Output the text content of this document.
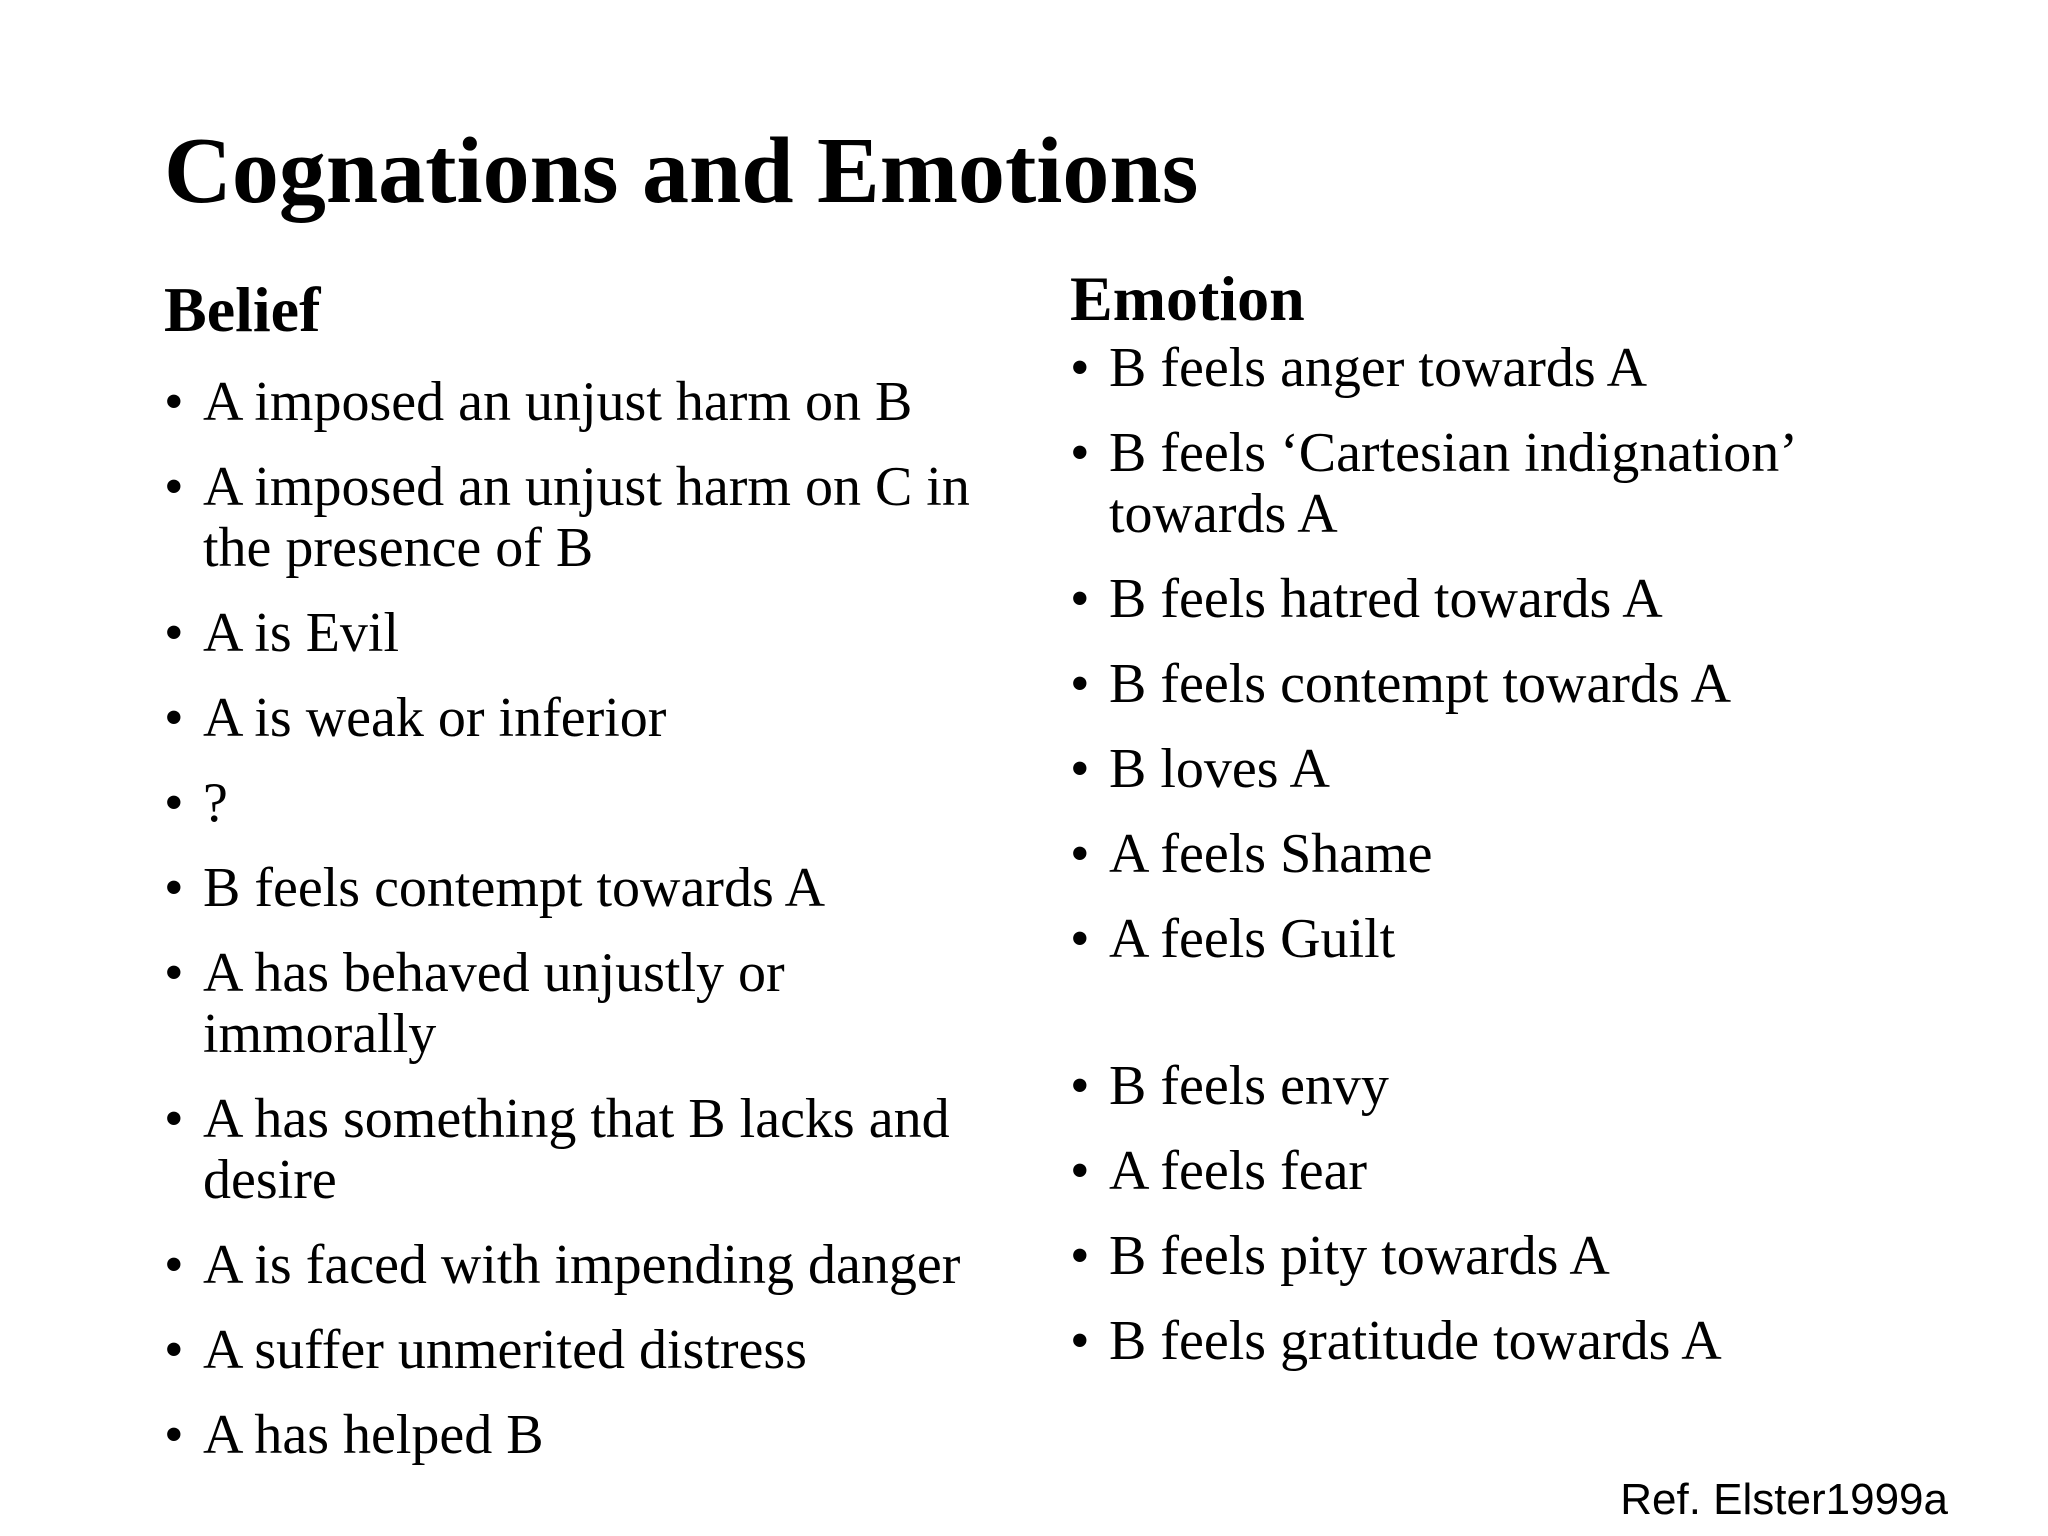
Cognations and Emotions
Belief
• A imposed an unjust harm on B
• A imposed an unjust harm on C in the presence of B
• A is Evil
• A is weak or inferior
• ?
• B feels contempt towards A
• A has behaved unjustly or immorally
• A has something that B lacks and desire
• A is faced with impending danger
• A suffer unmerited distress
• A has helped B
Emotion
• B feels anger towards A
• B feels ‘Cartesian indignation’ towards A
• B feels hatred towards A
• B feels contempt towards A
• B loves A
• A feels Shame
• A feels Guilt
• B feels envy
• A feels fear
• B feels pity towards A
• B feels gratitude towards A

Ref. Elster1999a
